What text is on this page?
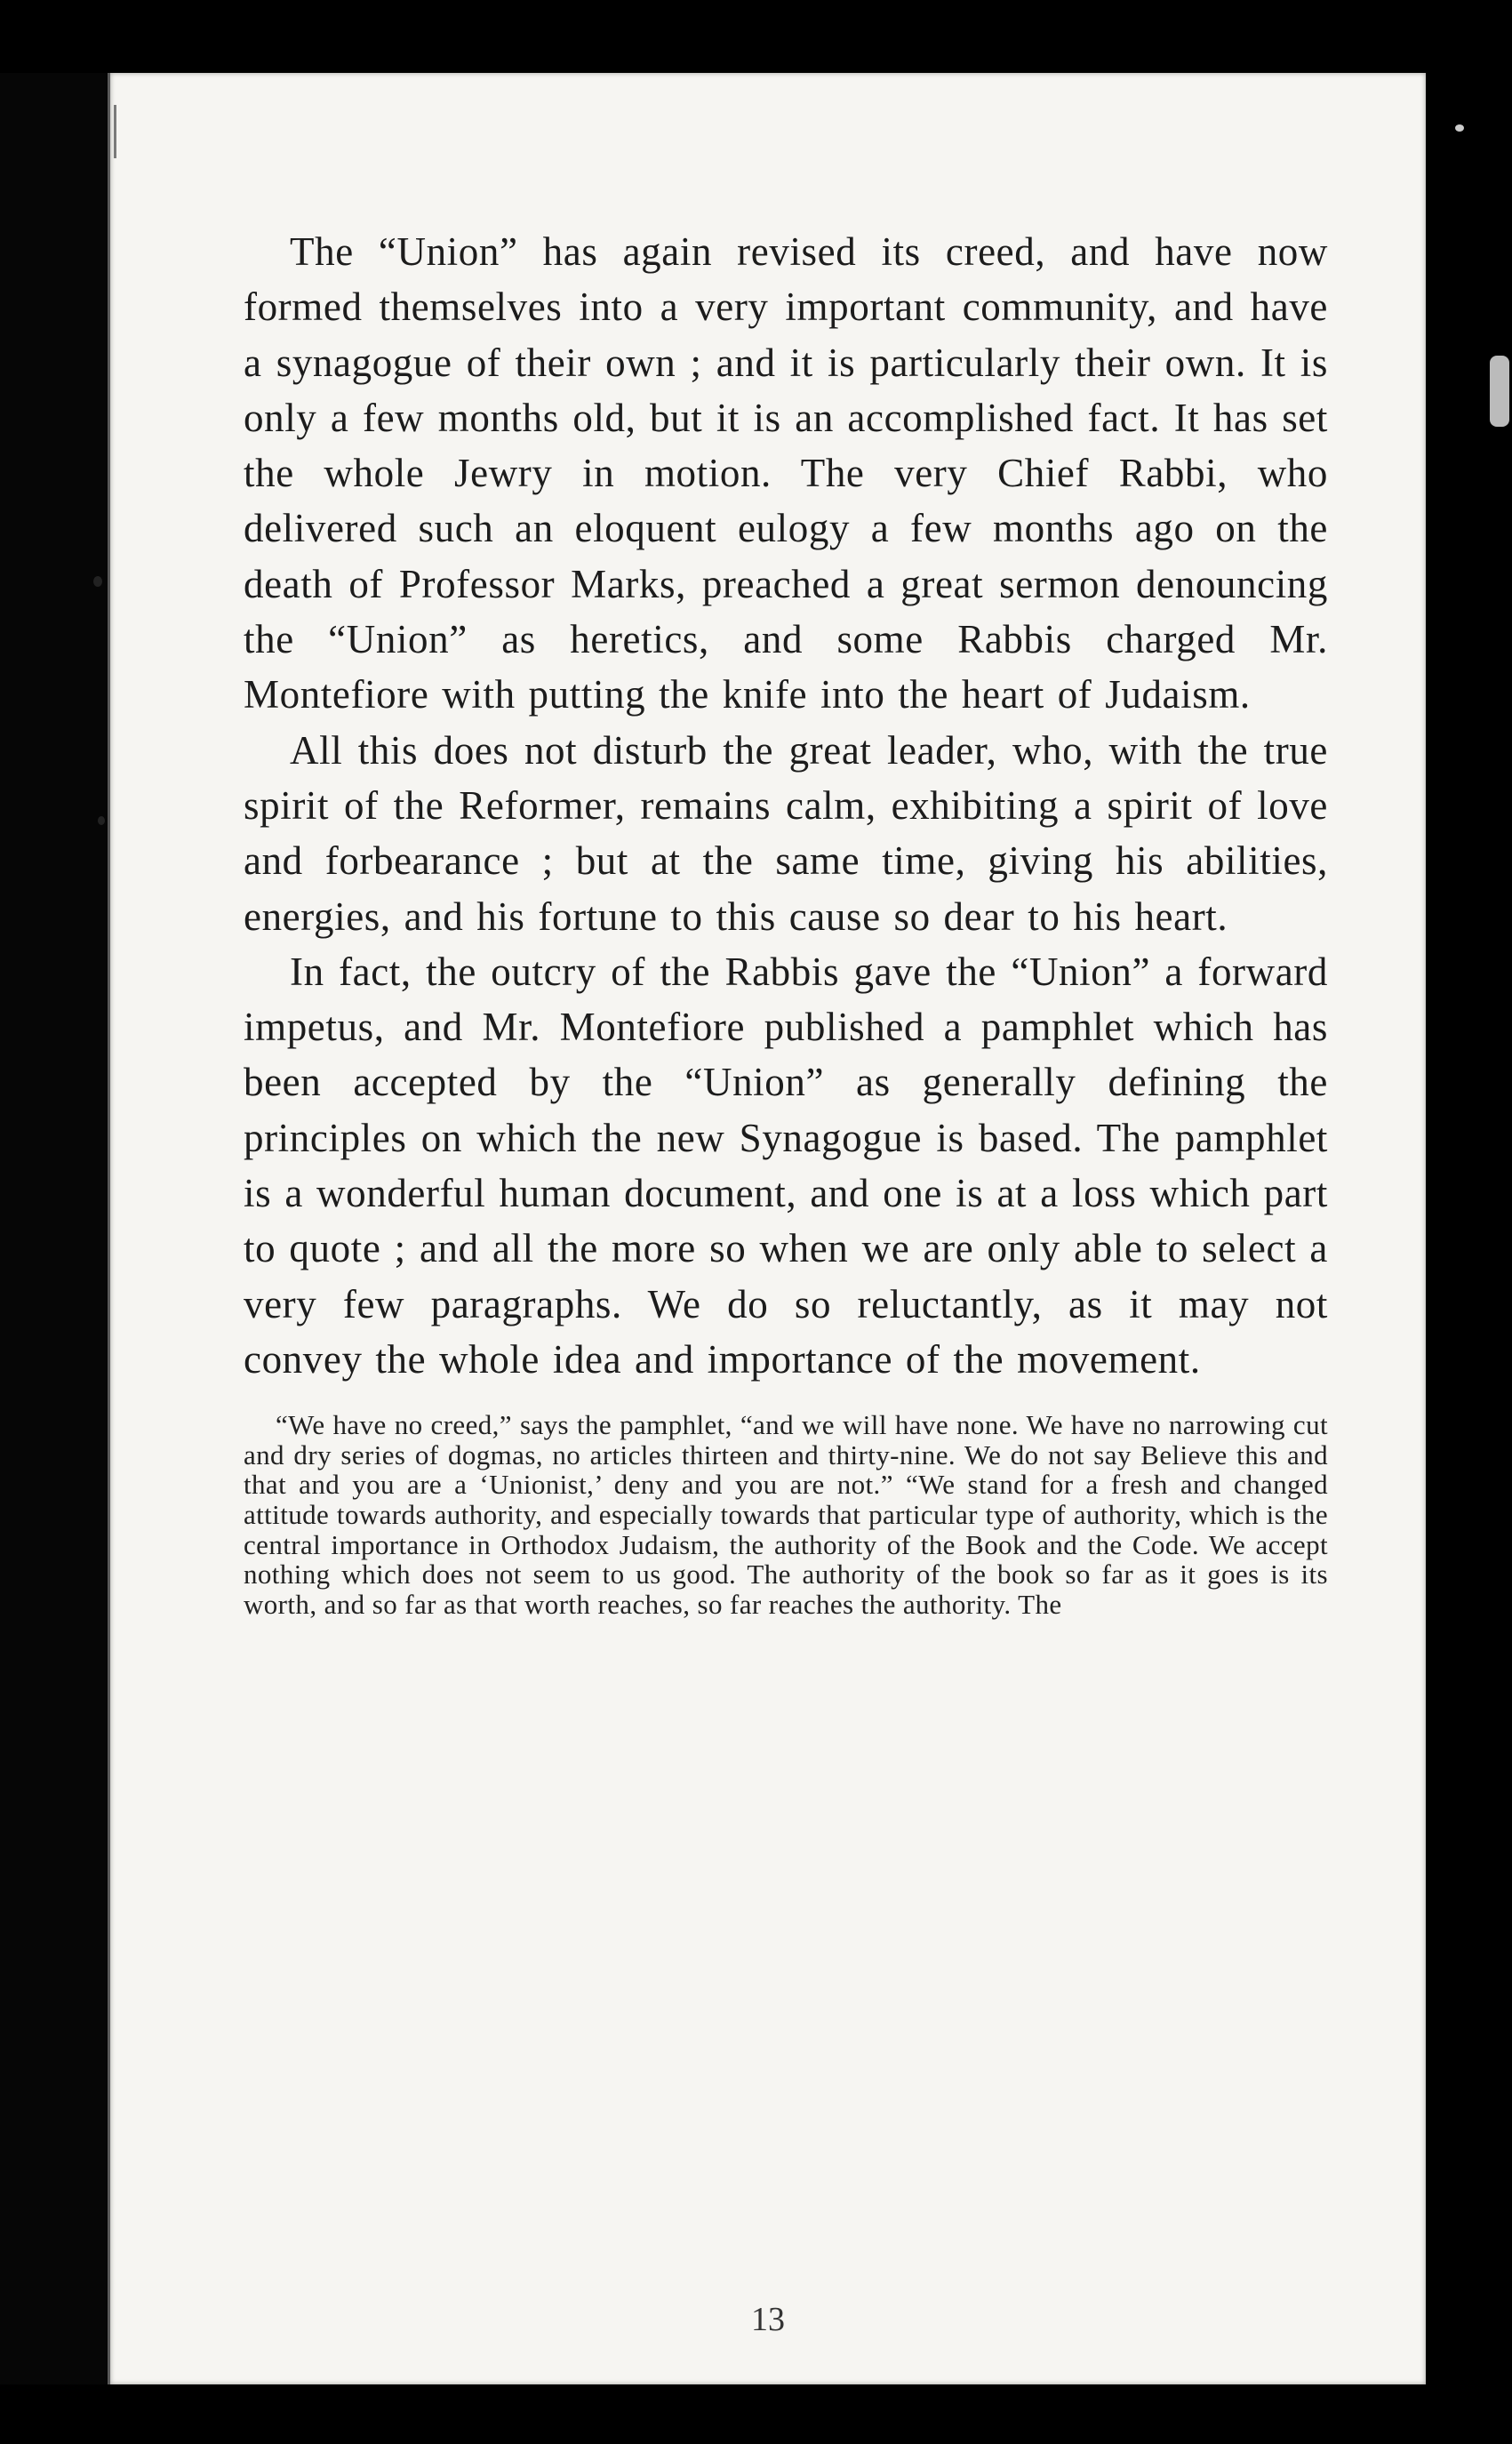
The “Union” has again revised its creed, and have now formed themselves into a very important community, and have a synagogue of their own ; and it is particularly their own. It is only a few months old, but it is an accomplished fact. It has set the whole Jewry in motion. The very Chief Rabbi, who delivered such an eloquent eulogy a few months ago on the death of Professor Marks, preached a great sermon denouncing the “Union” as heretics, and some Rabbis charged Mr. Montefiore with putting the knife into the heart of Judaism.

All this does not disturb the great leader, who, with the true spirit of the Reformer, remains calm, exhibiting a spirit of love and forbearance ; but at the same time, giving his abilities, energies, and his fortune to this cause so dear to his heart.

In fact, the outcry of the Rabbis gave the “Union” a forward impetus, and Mr. Montefiore published a pamphlet which has been accepted by the “Union” as generally defining the principles on which the new Synagogue is based. The pamphlet is a wonderful human document, and one is at a loss which part to quote ; and all the more so when we are only able to select a very few paragraphs. We do so reluctantly, as it may not convey the whole idea and importance of the movement.

“We have no creed,” says the pamphlet, “and we will have none. We have no narrowing cut and dry series of dogmas, no articles thirteen and thirty-nine. We do not say Believe this and that and you are a ‘Unionist,’ deny and you are not.” “We stand for a fresh and changed attitude towards authority, and especially towards that particular type of authority, which is the central importance in Orthodox Judaism, the authority of the Book and the Code. We accept nothing which does not seem to us good. The authority of the book so far as it goes is its worth, and so far as that worth reaches, so far reaches the authority. The

13
